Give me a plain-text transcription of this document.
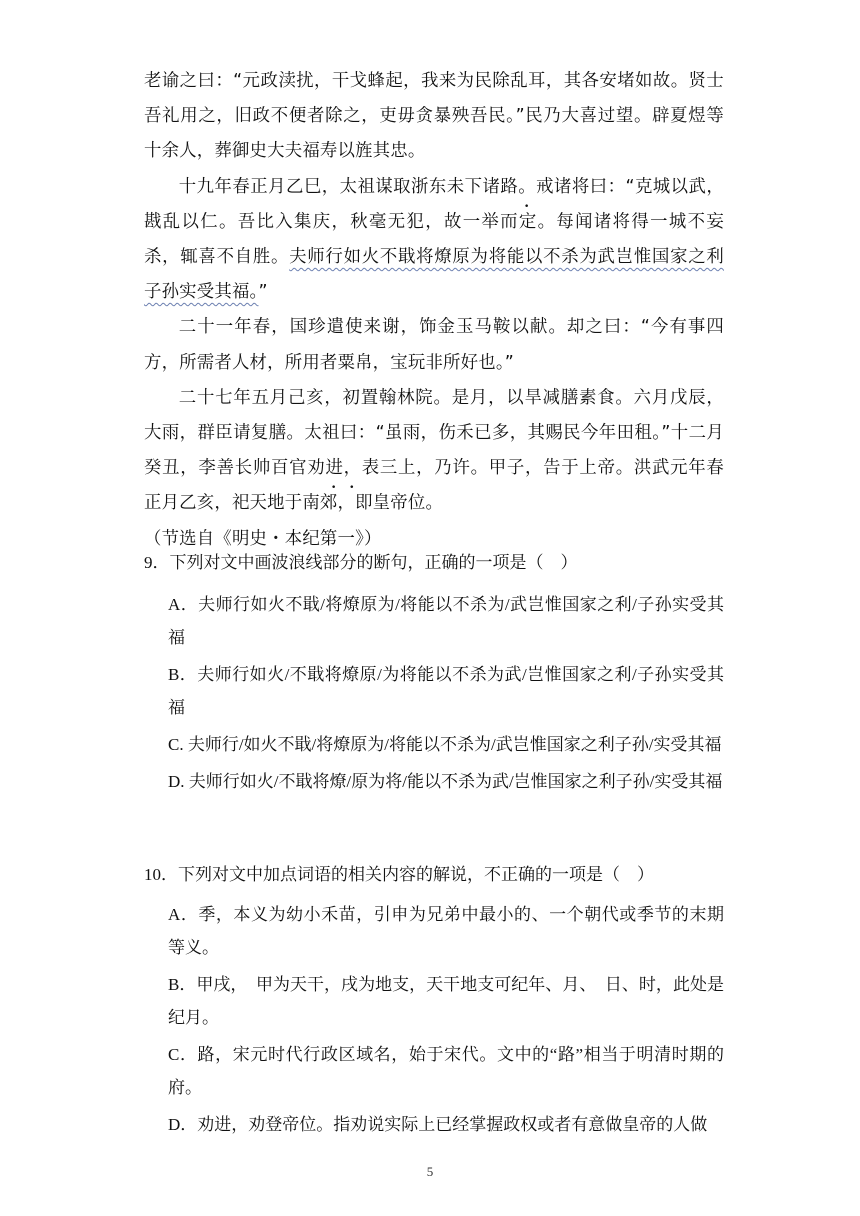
老谕之曰：“元政渎扰，干戈蜂起，我来为民除乱耳，其各安堵如故。贤士吾礼用之，旧政不便者除之，吏毋贪暴殃吾民。”民乃大喜过望。辟夏煜等十余人，葬御史大夫福寿以旌其忠。

十九年春正月乙巳，太祖谋取浙东未下诸路。戒诸将曰：“克城以武，戡乱以仁。吾比入集庆，秋毫无犯，故一举而定。每闻诸将得一城不妄杀，辄喜不自胜。夫师行如火不戢将燎原为将能以不杀为武岂惟国家之利子孙实受其福。”

二十一年春，国珍遣使来谢，饰金玉马鞍以献。却之曰：“今有事四方，所需者人材，所用者粟帛，宝玩非所好也。”

二十七年五月己亥，初置翰林院。是月，以旱减膳素食。六月戊辰，大雨，群臣请复膳。太祖曰：“虽雨，伤禾已多，其赐民今年田租。”十二月癸丑，李善长帅百官劝进，表三上，乃许。甲子，告于上帝。洪武元年春正月乙亥，祀天地于南郊，即皇帝位。

（节选自《明史・本纪第一》）

9．下列对文中画波浪线部分的断句，正确的一项是（　）

A．夫师行如火不戢/将燎原为/将能以不杀为/武岂惟国家之利/子孙实受其福

B．夫师行如火/不戢将燎原/为将能以不杀为武/岂惟国家之利/子孙实受其福

C. 夫师行/如火不戢/将燎原为/将能以不杀为/武岂惟国家之利子孙/实受其福

D. 夫师行如火/不戢将燎/原为将/能以不杀为武/岂惟国家之利子孙/实受其福

10．下列对文中加点词语的相关内容的解说，不正确的一项是（　）

A．季，本义为幼小禾苗，引申为兄弟中最小的、一个朝代或季节的末期等义。

B．甲戌，　甲为天干，戌为地支，天干地支可纪年、月、　日、时，此处是纪月。

C．路，宋元时代行政区域名，始于宋代。文中的“路”相当于明清时期的府。

D．劝进，劝登帝位。指劝说实际上已经掌握政权或者有意做皇帝的人做

5
